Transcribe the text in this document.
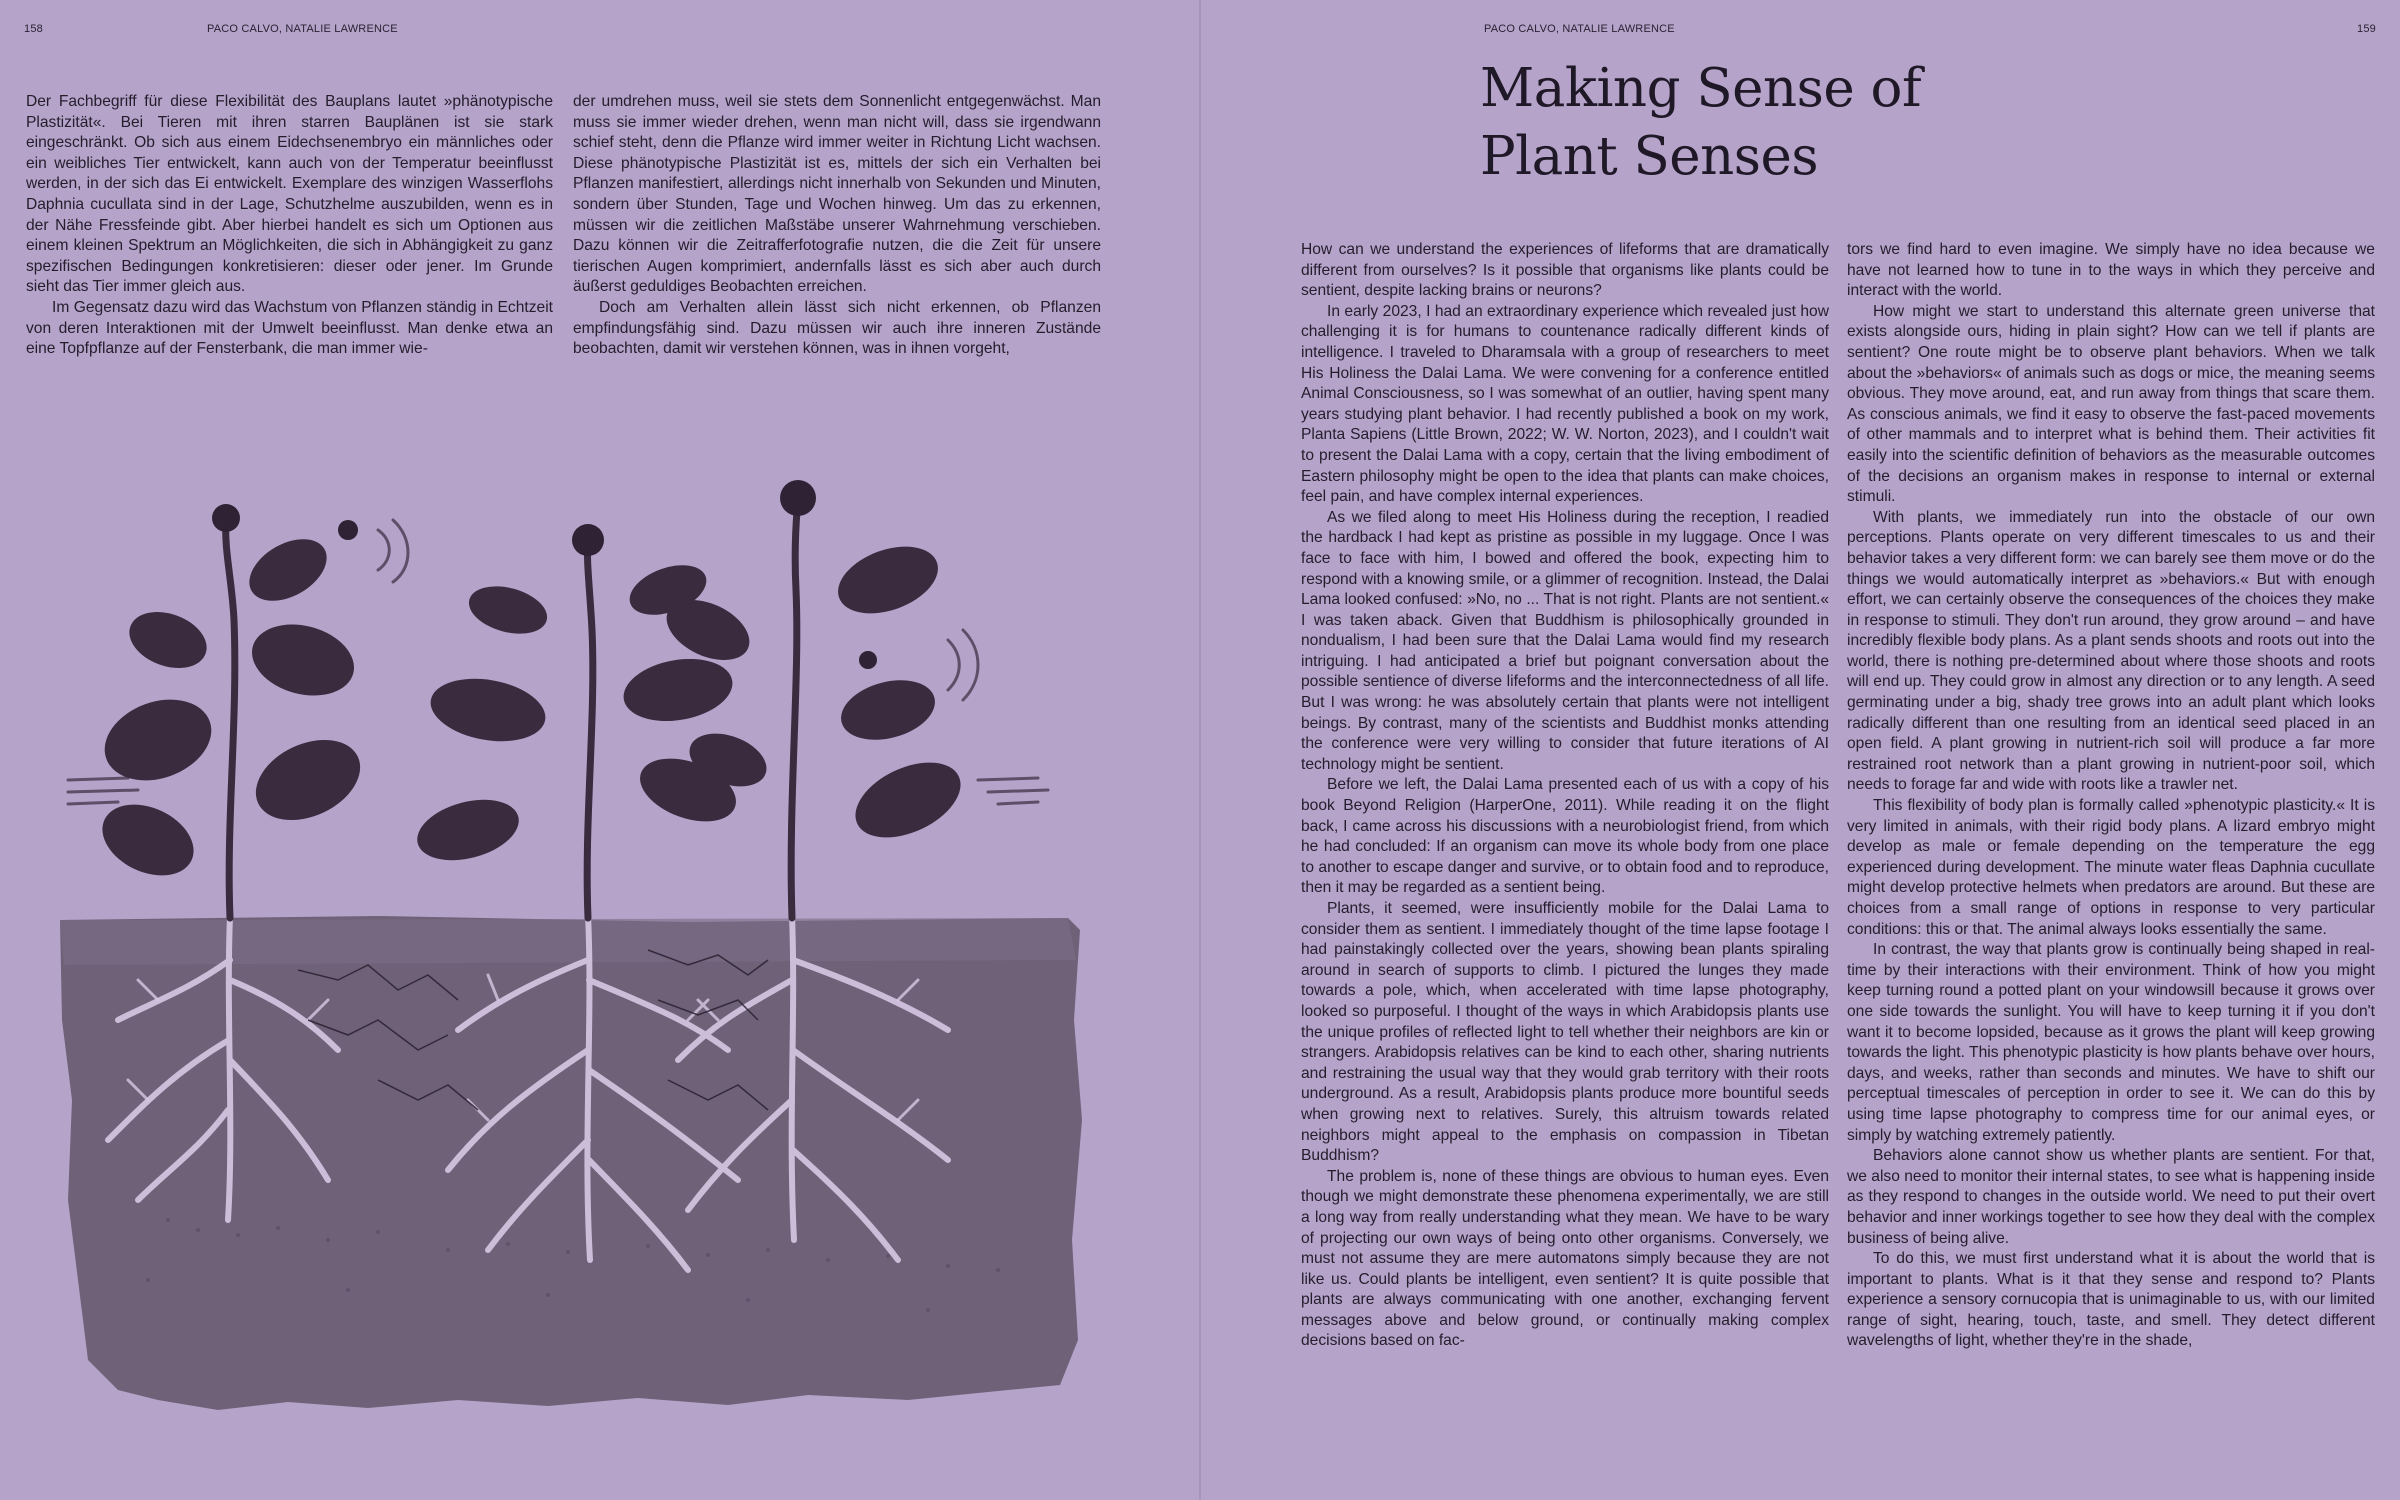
158	PACO CALVO, NATALIE LAWRENCE

Der Fachbegriff für diese Flexibilität des Bauplans lautet »phänotypische Plastizität«. Bei Tieren mit ihren starren Bauplänen ist sie stark eingeschränkt. Ob sich aus einem Eidechsenembryo ein männliches oder ein weibliches Tier entwickelt, kann auch von der Temperatur beeinflusst werden, in der sich das Ei entwickelt. Exemplare des winzigen Wasserflohs Daphnia cucullata sind in der Lage, Schutzhelme auszubilden, wenn es in der Nähe Fressfeinde gibt. Aber hierbei handelt es sich um Optionen aus einem kleinen Spektrum an Möglichkeiten, die sich in Abhängigkeit zu ganz spezifischen Bedingungen konkretisieren: dieser oder jener. Im Grunde sieht das Tier immer gleich aus.

Im Gegensatz dazu wird das Wachstum von Pflanzen ständig in Echtzeit von deren Interaktionen mit der Umwelt beeinflusst. Man denke etwa an eine Topfpflanze auf der Fensterbank, die man immer wie-

der umdrehen muss, weil sie stets dem Sonnenlicht entgegenwächst. Man muss sie immer wieder drehen, wenn man nicht will, dass sie irgendwann schief steht, denn die Pflanze wird immer weiter in Richtung Licht wachsen. Diese phänotypische Plastizität ist es, mittels der sich ein Verhalten bei Pflanzen manifestiert, allerdings nicht innerhalb von Sekunden und Minuten, sondern über Stunden, Tage und Wochen hinweg. Um das zu erkennen, müssen wir die zeitlichen Maßstäbe unserer Wahrnehmung verschieben. Dazu können wir die Zeitrafferfotografie nutzen, die die Zeit für unsere tierischen Augen komprimiert, andernfalls lässt es sich aber auch durch äußerst geduldiges Beobachten erreichen.

Doch am Verhalten allein lässt sich nicht erkennen, ob Pflanzen empfindungsfähig sind. Dazu müssen wir auch ihre inneren Zustände beobachten, damit wir verstehen können, was in ihnen vorgeht,

PACO CALVO, NATALIE LAWRENCE	159
Making Sense of
Plant Senses

How can we understand the experiences of lifeforms that are dramatically different from ourselves? Is it possible that organisms like plants could be sentient, despite lacking brains or neurons?

In early 2023, I had an extraordinary experience which revealed just how challenging it is for humans to countenance radically different kinds of intelligence. I traveled to Dharamsala with a group of researchers to meet His Holiness the Dalai Lama. We were convening for a conference entitled Animal Consciousness, so I was somewhat of an outlier, having spent many years studying plant behavior. I had recently published a book on my work, Planta Sapiens (Little Brown, 2022; W. W. Norton, 2023), and I couldn't wait to present the Dalai Lama with a copy, certain that the living embodiment of Eastern philosophy might be open to the idea that plants can make choices, feel pain, and have complex internal experiences.

As we filed along to meet His Holiness during the reception, I readied the hardback I had kept as pristine as possible in my luggage. Once I was face to face with him, I bowed and offered the book, expecting him to respond with a knowing smile, or a glimmer of recognition. Instead, the Dalai Lama looked confused: »No, no ... That is not right. Plants are not sentient.« I was taken aback. Given that Buddhism is philosophically grounded in nondualism, I had been sure that the Dalai Lama would find my research intriguing. I had anticipated a brief but poignant conversation about the possible sentience of diverse lifeforms and the interconnectedness of all life. But I was wrong: he was absolutely certain that plants were not intelligent beings. By contrast, many of the scientists and Buddhist monks attending the conference were very willing to consider that future iterations of AI technology might be sentient.

Before we left, the Dalai Lama presented each of us with a copy of his book Beyond Religion (HarperOne, 2011). While reading it on the flight back, I came across his discussions with a neurobiologist friend, from which he had concluded: If an organism can move its whole body from one place to another to escape danger and survive, or to obtain food and to reproduce, then it may be regarded as a sentient being.

Plants, it seemed, were insufficiently mobile for the Dalai Lama to consider them as sentient. I immediately thought of the time lapse footage I had painstakingly collected over the years, showing bean plants spiraling around in search of supports to climb. I pictured the lunges they made towards a pole, which, when accelerated with time lapse photography, looked so purposeful. I thought of the ways in which Arabidopsis plants use the unique profiles of reflected light to tell whether their neighbors are kin or strangers. Arabidopsis relatives can be kind to each other, sharing nutrients and restraining the usual way that they would grab territory with their roots underground. As a result, Arabidopsis plants produce more bountiful seeds when growing next to relatives. Surely, this altruism towards related neighbors might appeal to the emphasis on compassion in Tibetan Buddhism?

The problem is, none of these things are obvious to human eyes. Even though we might demonstrate these phenomena experimentally, we are still a long way from really understanding what they mean. We have to be wary of projecting our own ways of being onto other organisms. Conversely, we must not assume they are mere automatons simply because they are not like us. Could plants be intelligent, even sentient? It is quite possible that plants are always communicating with one another, exchanging fervent messages above and below ground, or continually making complex decisions based on fac-

tors we find hard to even imagine. We simply have no idea because we have not learned how to tune in to the ways in which they perceive and interact with the world.

How might we start to understand this alternate green universe that exists alongside ours, hiding in plain sight? How can we tell if plants are sentient? One route might be to observe plant behaviors. When we talk about the »behaviors« of animals such as dogs or mice, the meaning seems obvious. They move around, eat, and run away from things that scare them. As conscious animals, we find it easy to observe the fast-paced movements of other mammals and to interpret what is behind them. Their activities fit easily into the scientific definition of behaviors as the measurable outcomes of the decisions an organism makes in response to internal or external stimuli.

With plants, we immediately run into the obstacle of our own perceptions. Plants operate on very different timescales to us and their behavior takes a very different form: we can barely see them move or do the things we would automatically interpret as »behaviors.« But with enough effort, we can certainly observe the consequences of the choices they make in response to stimuli. They don't run around, they grow around – and have incredibly flexible body plans. As a plant sends shoots and roots out into the world, there is nothing pre-determined about where those shoots and roots will end up. They could grow in almost any direction or to any length. A seed germinating under a big, shady tree grows into an adult plant which looks radically different than one resulting from an identical seed placed in an open field. A plant growing in nutrient-rich soil will produce a far more restrained root network than a plant growing in nutrient-poor soil, which needs to forage far and wide with roots like a trawler net.

This flexibility of body plan is formally called »phenotypic plasticity.« It is very limited in animals, with their rigid body plans. A lizard embryo might develop as male or female depending on the temperature the egg experienced during development. The minute water fleas Daphnia cucullate might develop protective helmets when predators are around. But these are choices from a small range of options in response to very particular conditions: this or that. The animal always looks essentially the same.

In contrast, the way that plants grow is continually being shaped in real-time by their interactions with their environment. Think of how you might keep turning round a potted plant on your windowsill because it grows over one side towards the sunlight. You will have to keep turning it if you don't want it to become lopsided, because as it grows the plant will keep growing towards the light. This phenotypic plasticity is how plants behave over hours, days, and weeks, rather than seconds and minutes. We have to shift our perceptual timescales of perception in order to see it. We can do this by using time lapse photography to compress time for our animal eyes, or simply by watching extremely patiently.

Behaviors alone cannot show us whether plants are sentient. For that, we also need to monitor their internal states, to see what is happening inside as they respond to changes in the outside world. We need to put their overt behavior and inner workings together to see how they deal with the complex business of being alive.

To do this, we must first understand what it is about the world that is important to plants. What is it that they sense and respond to? Plants experience a sensory cornucopia that is unimaginable to us, with our limited range of sight, hearing, touch, taste, and smell. They detect different wavelengths of light, whether they're in the shade,
